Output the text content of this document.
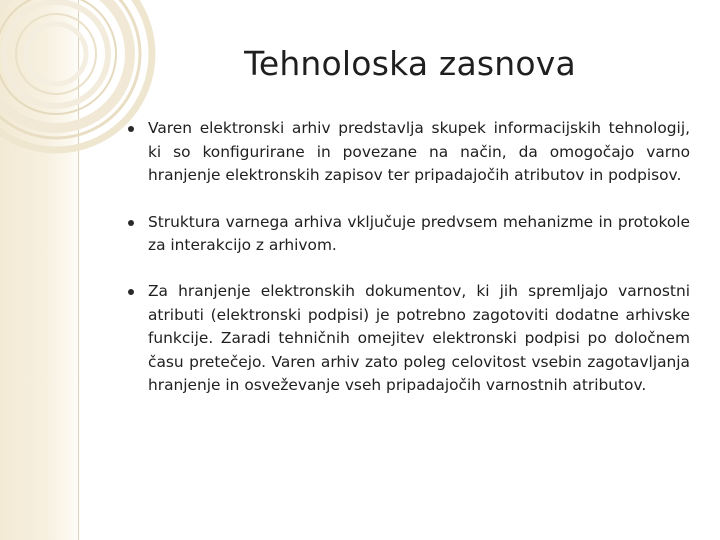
Tehnoloska zasnova
Varen elektronski arhiv predstavlja skupek informacijskih tehnologij, ki so konfigurirane in povezane na način, da omogočajo varno hranjenje elektronskih zapisov ter pripadajočih atributov in podpisov.
Struktura varnega arhiva vključuje predvsem mehanizme in protokole za interakcijo z arhivom.
Za hranjenje elektronskih dokumentov, ki jih spremljajo varnostni atributi (elektronski podpisi) je potrebno zagotoviti dodatne arhivske funkcije. Zaradi tehničnih omejitev elektronski podpisi po določnem času pretečejo. Varen arhiv zato poleg celovitost vsebin zagotavljanja hranjenje in osveževanje vseh pripadajočih varnostnih atributov.
